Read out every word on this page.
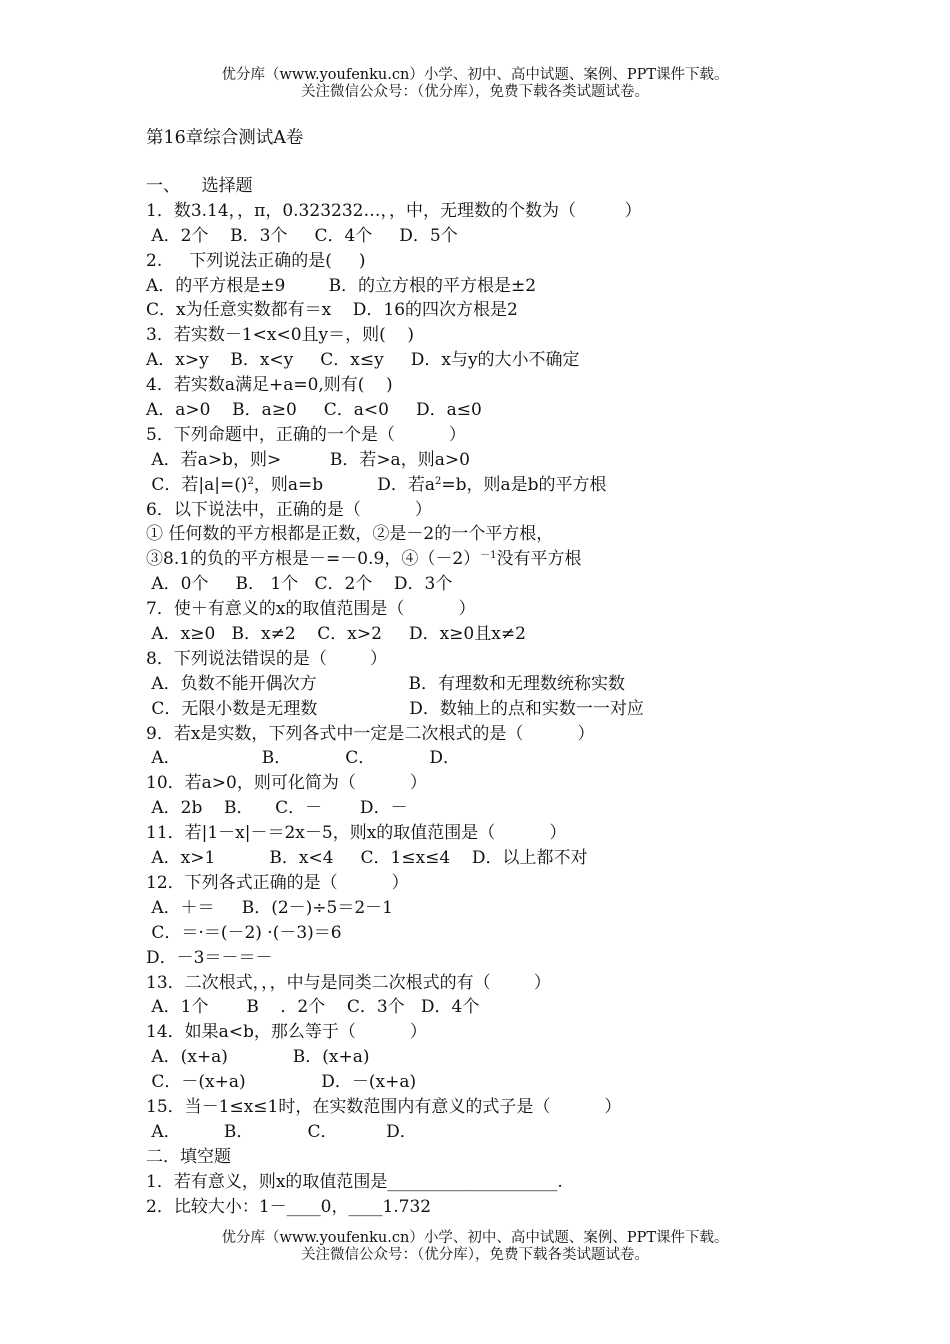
优分库（www.youfenku.cn）小学、初中、高中试题、案例、PPT课件下载。
关注微信公众号：（优分库），免费下载各类试题试卷。
第16章综合测试A卷
一、    选择题
1．数3.14，，π，0.323232…，，中，无理数的个数为（         ）
A．2个    B．3个     C．4个     D．5个
2.     下列说法正确的是(     )
A．的平方根是±9        B．的立方根的平方根是±2
C．x为任意实数都有＝x    D．16的四次方根是2
3．若实数－1<x<0且y＝，则(    )
A．x>y    B．x<y     C．x≤y     D．x与y的大小不确定
4．若实数a满足+a=0,则有(    )
A．a>0    B．a≥0     C．a<0     D．a≤0
5．下列命题中，正确的一个是（          ）
A．若a>b，则>         B．若>a，则a>0
C．若|a|=()$^2$，则a=b          D．若$a^2=b$，则a是b的平方根
6．以下说法中，正确的是（          ）
① 任何数的平方根都是正数，②是－2的一个平方根，
③8.1的负的平方根是－=－0.9，$④(-2)^{-1}$没有平方根
A．0个     B． 1个   C．2个    D．3个
7．使＋有意义的x的取值范围是（          ）
A．x≥0   B．x≠2    C．x>2     D．x≥0且x≠2
8．下列说法错误的是（        ）
A．负数不能开偶次方                 B．有理数和无理数统称实数
C．无限小数是无理数                 D．数轴上的点和实数一一对应
9．若x是实数，下列各式中一定是二次根式的是（          ）
A．               B．          C．          D．
10．若a>0，则可化简为（          ）
A．2b    B．    C．－       D．－
11．若|1－x|－＝2x－5，则x的取值范围是（          ）
A．x>1          B．x<4     C．1≤x≤4    D．以上都不对
12．下列各式正确的是（          ）
A．＋＝     B．(2－)÷5＝2－1
C．＝·＝(－2) ·(－3)＝6
D．－3＝－＝－
13．二次根式，，，中与是同类二次根式的有（        ）
A．1个       B    ．2个    C．3个   D．4个
14．如果a<b，那么等于（          ）
A．(x+a)            B．(x+a)
C．－(x+a)              D．－(x+a)
15．当－1≤x≤1时，在实数范围内有意义的式子是（          ）
A．        B．          C．         D．
二．填空题
1．若有意义，则x的取值范围是____________________.
2．比较大小：1－____0，____1.732
优分库（www.youfenku.cn）小学、初中、高中试题、案例、PPT课件下载。
关注微信公众号：（优分库），免费下载各类试题试卷。
